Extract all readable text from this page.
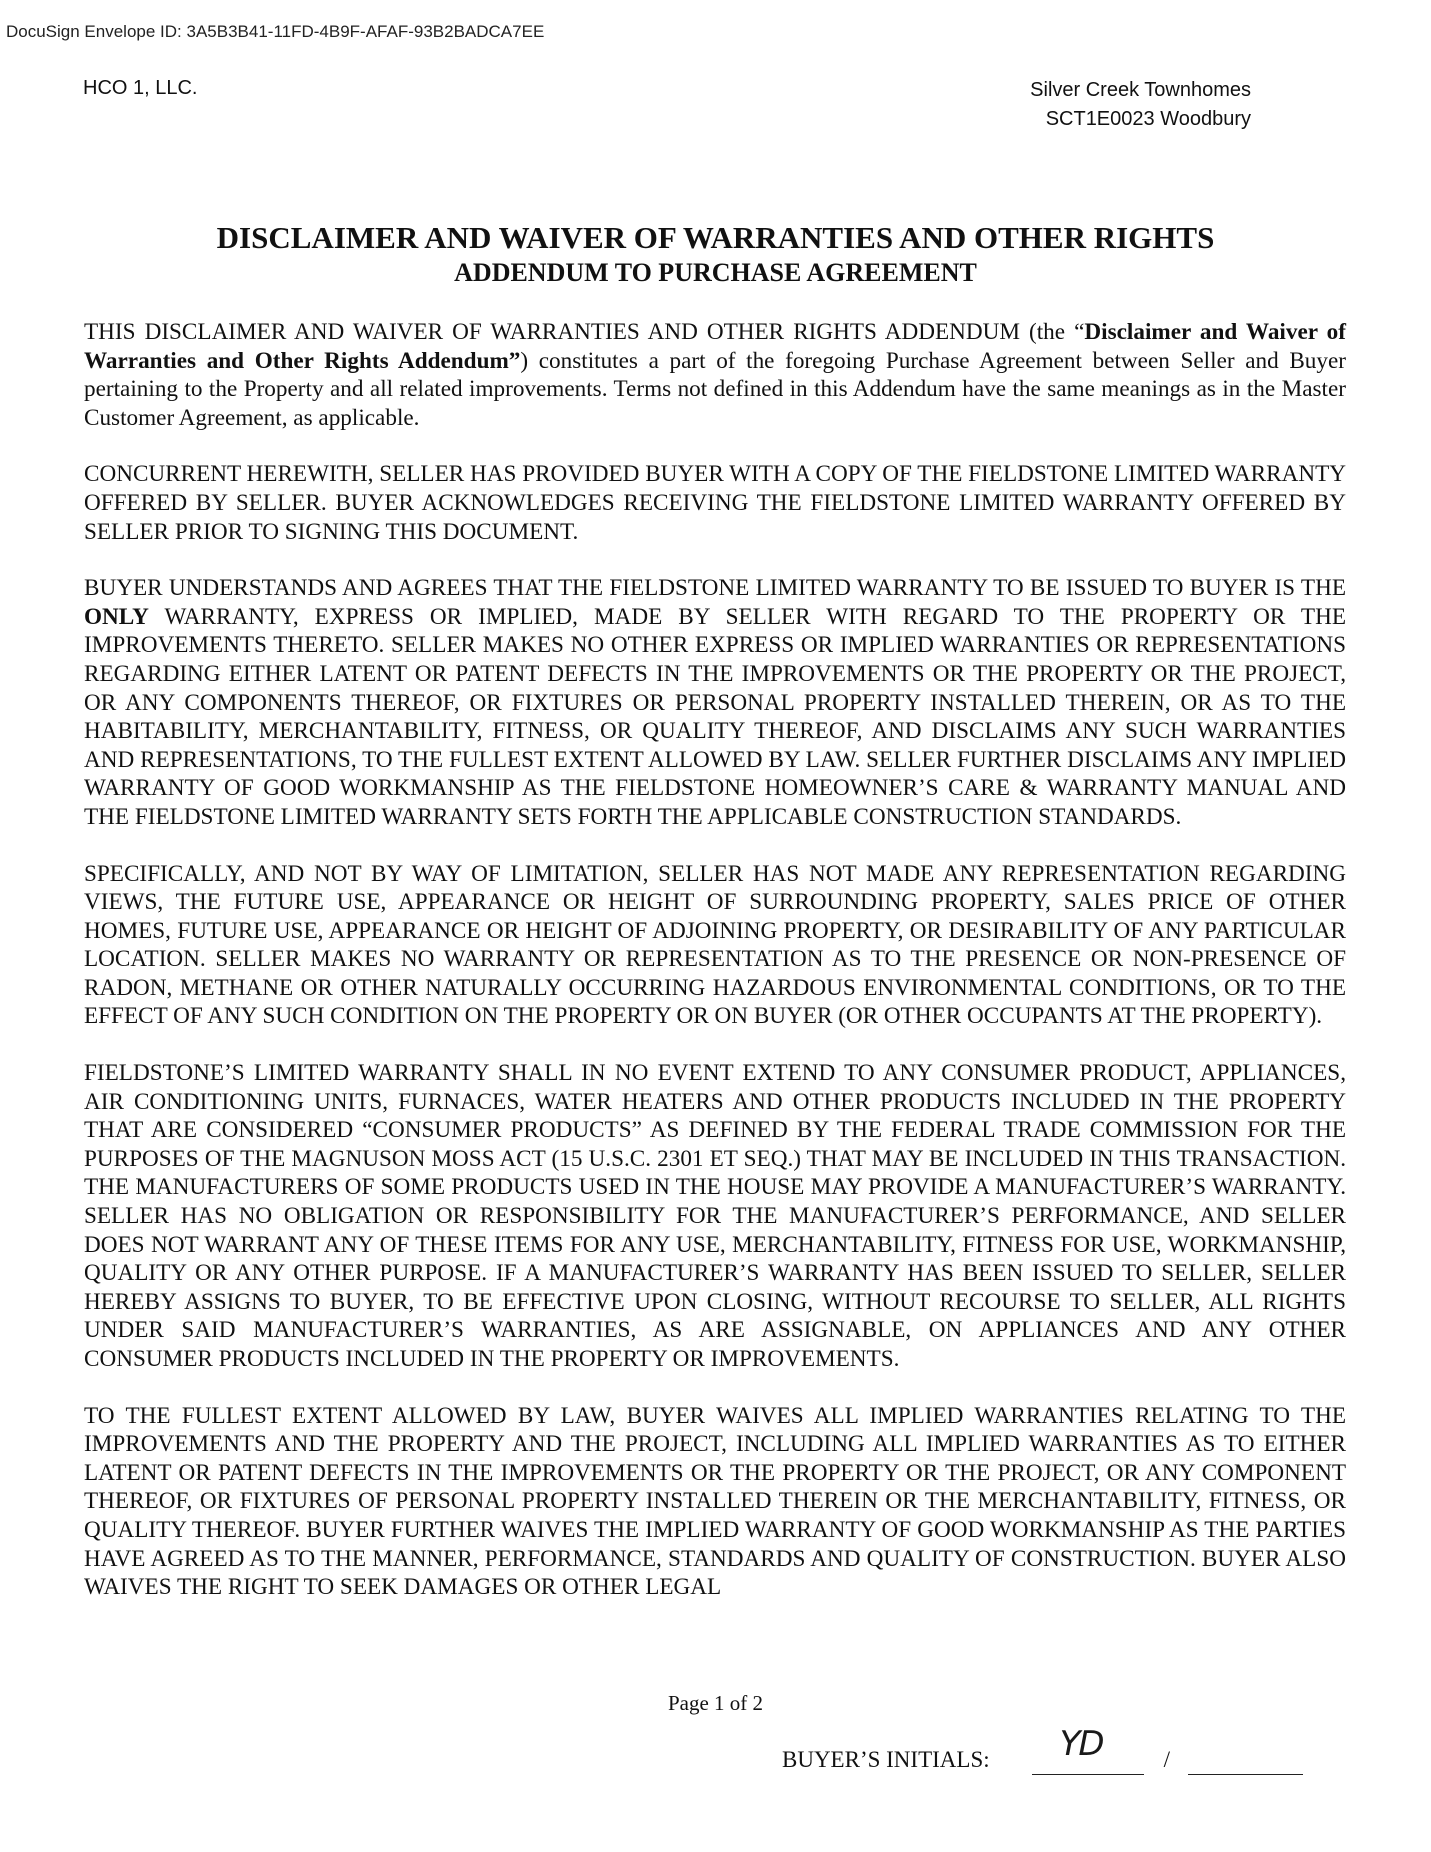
DocuSign Envelope ID: 3A5B3B41-11FD-4B9F-AFAF-93B2BADCA7EE
HCO 1, LLC.	Silver Creek Townhomes
SCT1E0023 Woodbury
DISCLAIMER AND WAIVER OF WARRANTIES AND OTHER RIGHTS
ADDENDUM TO PURCHASE AGREEMENT

THIS DISCLAIMER AND WAIVER OF WARRANTIES AND OTHER RIGHTS ADDENDUM (the “Disclaimer and Waiver of Warranties and Other Rights Addendum”) constitutes a part of the foregoing Purchase Agreement between Seller and Buyer pertaining to the Property and all related improvements. Terms not defined in this Addendum have the same meanings as in the Master Customer Agreement, as applicable.

CONCURRENT HEREWITH, SELLER HAS PROVIDED BUYER WITH A COPY OF THE FIELDSTONE LIMITED WARRANTY OFFERED BY SELLER. BUYER ACKNOWLEDGES RECEIVING THE FIELDSTONE LIMITED WARRANTY OFFERED BY SELLER PRIOR TO SIGNING THIS DOCUMENT.

BUYER UNDERSTANDS AND AGREES THAT THE FIELDSTONE LIMITED WARRANTY TO BE ISSUED TO BUYER IS THE ONLY WARRANTY, EXPRESS OR IMPLIED, MADE BY SELLER WITH REGARD TO THE PROPERTY OR THE IMPROVEMENTS THERETO. SELLER MAKES NO OTHER EXPRESS OR IMPLIED WARRANTIES OR REPRESENTATIONS REGARDING EITHER LATENT OR PATENT DEFECTS IN THE IMPROVEMENTS OR THE PROPERTY OR THE PROJECT, OR ANY COMPONENTS THEREOF, OR FIXTURES OR PERSONAL PROPERTY INSTALLED THEREIN, OR AS TO THE HABITABILITY, MERCHANTABILITY, FITNESS, OR QUALITY THEREOF, AND DISCLAIMS ANY SUCH WARRANTIES AND REPRESENTATIONS, TO THE FULLEST EXTENT ALLOWED BY LAW. SELLER FURTHER DISCLAIMS ANY IMPLIED WARRANTY OF GOOD WORKMANSHIP AS THE FIELDSTONE HOMEOWNER’S CARE & WARRANTY MANUAL AND THE FIELDSTONE LIMITED WARRANTY SETS FORTH THE APPLICABLE CONSTRUCTION STANDARDS.

SPECIFICALLY, AND NOT BY WAY OF LIMITATION, SELLER HAS NOT MADE ANY REPRESENTATION REGARDING VIEWS, THE FUTURE USE, APPEARANCE OR HEIGHT OF SURROUNDING PROPERTY, SALES PRICE OF OTHER HOMES, FUTURE USE, APPEARANCE OR HEIGHT OF ADJOINING PROPERTY, OR DESIRABILITY OF ANY PARTICULAR LOCATION. SELLER MAKES NO WARRANTY OR REPRESENTATION AS TO THE PRESENCE OR NON-PRESENCE OF RADON, METHANE OR OTHER NATURALLY OCCURRING HAZARDOUS ENVIRONMENTAL CONDITIONS, OR TO THE EFFECT OF ANY SUCH CONDITION ON THE PROPERTY OR ON BUYER (OR OTHER OCCUPANTS AT THE PROPERTY).

FIELDSTONE’S LIMITED WARRANTY SHALL IN NO EVENT EXTEND TO ANY CONSUMER PRODUCT, APPLIANCES, AIR CONDITIONING UNITS, FURNACES, WATER HEATERS AND OTHER PRODUCTS INCLUDED IN THE PROPERTY THAT ARE CONSIDERED “CONSUMER PRODUCTS” AS DEFINED BY THE FEDERAL TRADE COMMISSION FOR THE PURPOSES OF THE MAGNUSON MOSS ACT (15 U.S.C. 2301 ET SEQ.) THAT MAY BE INCLUDED IN THIS TRANSACTION. THE MANUFACTURERS OF SOME PRODUCTS USED IN THE HOUSE MAY PROVIDE A MANUFACTURER’S WARRANTY. SELLER HAS NO OBLIGATION OR RESPONSIBILITY FOR THE MANUFACTURER’S PERFORMANCE, AND SELLER DOES NOT WARRANT ANY OF THESE ITEMS FOR ANY USE, MERCHANTABILITY, FITNESS FOR USE, WORKMANSHIP, QUALITY OR ANY OTHER PURPOSE. IF A MANUFACTURER’S WARRANTY HAS BEEN ISSUED TO SELLER, SELLER HEREBY ASSIGNS TO BUYER, TO BE EFFECTIVE UPON CLOSING, WITHOUT RECOURSE TO SELLER, ALL RIGHTS UNDER SAID MANUFACTURER’S WARRANTIES, AS ARE ASSIGNABLE, ON APPLIANCES AND ANY OTHER CONSUMER PRODUCTS INCLUDED IN THE PROPERTY OR IMPROVEMENTS.

TO THE FULLEST EXTENT ALLOWED BY LAW, BUYER WAIVES ALL IMPLIED WARRANTIES RELATING TO THE IMPROVEMENTS AND THE PROPERTY AND THE PROJECT, INCLUDING ALL IMPLIED WARRANTIES AS TO EITHER LATENT OR PATENT DEFECTS IN THE IMPROVEMENTS OR THE PROPERTY OR THE PROJECT, OR ANY COMPONENT THEREOF, OR FIXTURES OF PERSONAL PROPERTY INSTALLED THEREIN OR THE MERCHANTABILITY, FITNESS, OR QUALITY THEREOF. BUYER FURTHER WAIVES THE IMPLIED WARRANTY OF GOOD WORKMANSHIP AS THE PARTIES HAVE AGREED AS TO THE MANNER, PERFORMANCE, STANDARDS AND QUALITY OF CONSTRUCTION. BUYER ALSO WAIVES THE RIGHT TO SEEK DAMAGES OR OTHER LEGAL

Page 1 of 2
BUYER’S INITIALS: YD	/
